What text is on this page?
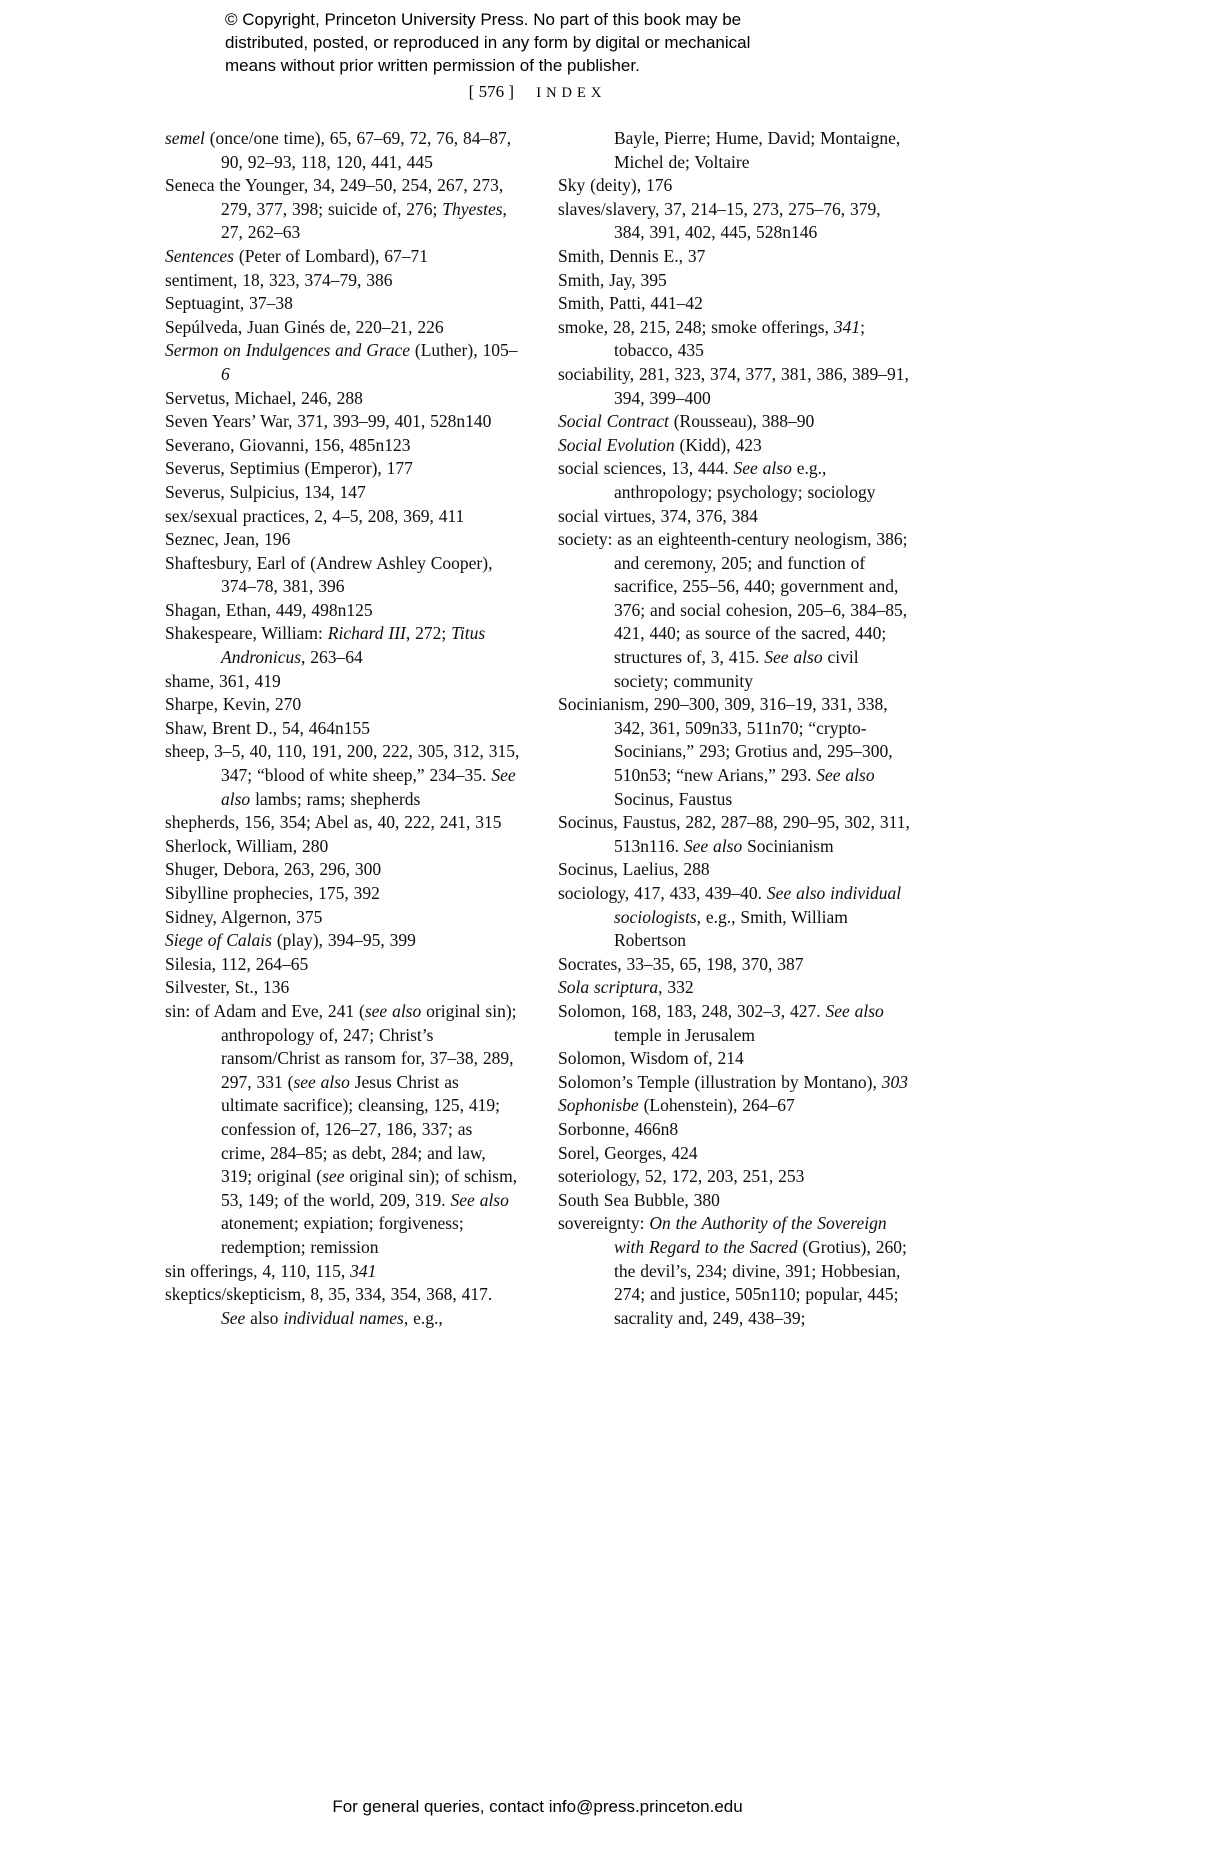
© Copyright, Princeton University Press. No part of this book may be
distributed, posted, or reproduced in any form by digital or mechanical
means without prior written permission of the publisher.
[ 576 ] INDEX
semel (once/one time), 65, 67–69, 72, 76, 84–87, 90, 92–93, 118, 120, 441, 445
Seneca the Younger, 34, 249–50, 254, 267, 273, 279, 377, 398; suicide of, 276; Thyestes, 27, 262–63
Sentences (Peter of Lombard), 67–71
sentiment, 18, 323, 374–79, 386
Septuagint, 37–38
Sepúlveda, Juan Ginés de, 220–21, 226
Sermon on Indulgences and Grace (Luther), 105–6
Servetus, Michael, 246, 288
Seven Years’ War, 371, 393–99, 401, 528n140
Severano, Giovanni, 156, 485n123
Severus, Septimius (Emperor), 177
Severus, Sulpicius, 134, 147
sex/sexual practices, 2, 4–5, 208, 369, 411
Seznec, Jean, 196
Shaftesbury, Earl of (Andrew Ashley Cooper), 374–78, 381, 396
Shagan, Ethan, 449, 498n125
Shakespeare, William: Richard III, 272; Titus Andronicus, 263–64
shame, 361, 419
Sharpe, Kevin, 270
Shaw, Brent D., 54, 464n155
sheep, 3–5, 40, 110, 191, 200, 222, 305, 312, 315, 347; “blood of white sheep,” 234–35. See also lambs; rams; shepherds
shepherds, 156, 354; Abel as, 40, 222, 241, 315
Sherlock, William, 280
Shuger, Debora, 263, 296, 300
Sibylline prophecies, 175, 392
Sidney, Algernon, 375
Siege of Calais (play), 394–95, 399
Silesia, 112, 264–65
Silvester, St., 136
sin: of Adam and Eve, 241 (see also original sin); anthropology of, 247; Christ’s ransom/Christ as ransom for, 37–38, 289, 297, 331 (see also Jesus Christ as ultimate sacrifice); cleansing, 125, 419; confession of, 126–27, 186, 337; as crime, 284–85; as debt, 284; and law, 319; original (see original sin); of schism, 53, 149; of the world, 209, 319. See also atonement; expiation; forgiveness; redemption; remission
sin offerings, 4, 110, 115, 341
skeptics/skepticism, 8, 35, 334, 354, 368, 417. See also individual names, e.g.,
Bayle, Pierre; Hume, David; Montaigne, Michel de; Voltaire
Sky (deity), 176
slaves/slavery, 37, 214–15, 273, 275–76, 379, 384, 391, 402, 445, 528n146
Smith, Dennis E., 37
Smith, Jay, 395
Smith, Patti, 441–42
smoke, 28, 215, 248; smoke offerings, 341; tobacco, 435
sociability, 281, 323, 374, 377, 381, 386, 389–91, 394, 399–400
Social Contract (Rousseau), 388–90
Social Evolution (Kidd), 423
social sciences, 13, 444. See also e.g., anthropology; psychology; sociology
social virtues, 374, 376, 384
society: as an eighteenth-century neologism, 386; and ceremony, 205; and function of sacrifice, 255–56, 440; government and, 376; and social cohesion, 205–6, 384–85, 421, 440; as source of the sacred, 440; structures of, 3, 415. See also civil society; community
Socinianism, 290–300, 309, 316–19, 331, 338, 342, 361, 509n33, 511n70; “crypto-Socinians,” 293; Grotius and, 295–300, 510n53; “new Arians,” 293. See also Socinus, Faustus
Socinus, Faustus, 282, 287–88, 290–95, 302, 311, 513n116. See also Socinianism
Socinus, Laelius, 288
sociology, 417, 433, 439–40. See also individual sociologists, e.g., Smith, William Robertson
Socrates, 33–35, 65, 198, 370, 387
Sola scriptura, 332
Solomon, 168, 183, 248, 302–3, 427. See also temple in Jerusalem
Solomon, Wisdom of, 214
Solomon’s Temple (illustration by Montano), 303
Sophonisbe (Lohenstein), 264–67
Sorbonne, 466n8
Sorel, Georges, 424
soteriology, 52, 172, 203, 251, 253
South Sea Bubble, 380
sovereignty: On the Authority of the Sovereign with Regard to the Sacred (Grotius), 260; the devil’s, 234; divine, 391; Hobbesian, 274; and justice, 505n110; popular, 445; sacrality and, 249, 438–39;
For general queries, contact info@press.princeton.edu
